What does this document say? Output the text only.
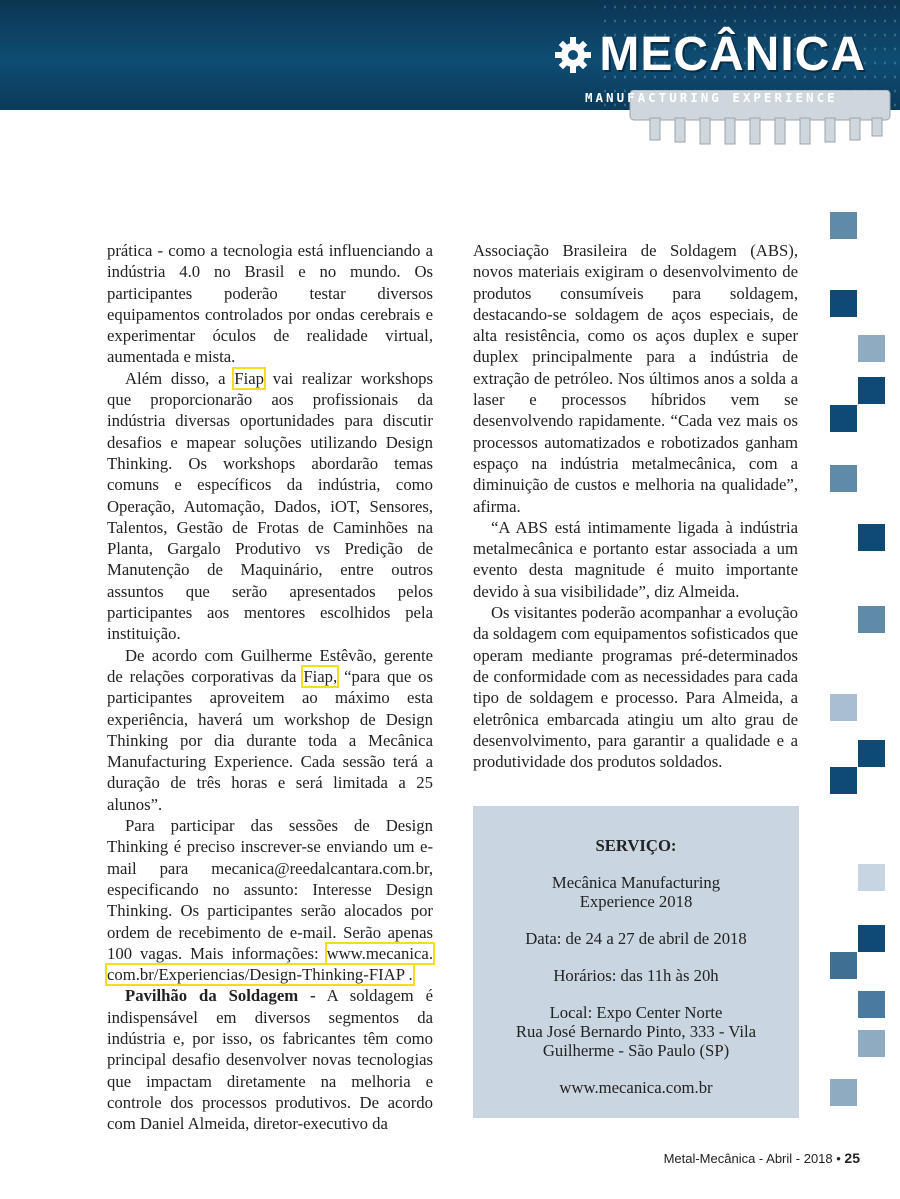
MECÂNICA
MANUFACTURING EXPERIENCE

prática - como a tecnologia está influenciando a indústria 4.0 no Brasil e no mundo. Os participantes poderão testar diversos equipamentos controlados por ondas cerebrais e experimentar óculos de realidade virtual, aumentada e mista.

Além disso, a Fiap vai realizar workshops que proporcionarão aos profissionais da indústria diversas oportunidades para discutir desafios e mapear soluções utilizando Design Thinking. Os workshops abordarão temas comuns e específicos da indústria, como Operação, Automação, Dados, iOT, Sensores, Talentos, Gestão de Frotas de Caminhões na Planta, Gargalo Produtivo vs Predição de Manutenção de Maquinário, entre outros assuntos que serão apresentados pelos participantes aos mentores escolhidos pela instituição.

De acordo com Guilherme Estêvão, gerente de relações corporativas da Fiap, “para que os participantes aproveitem ao máximo esta experiência, haverá um workshop de Design Thinking por dia durante toda a Mecânica Manufacturing Experience. Cada sessão terá a duração de três horas e será limitada a 25 alunos”.

Para participar das sessões de Design Thinking é preciso inscrever-se enviando um e-mail para mecanica@reedalcantara.com.br, especificando no assunto: Interesse Design Thinking. Os participantes serão alocados por ordem de recebimento de e-mail. Serão apenas 100 vagas. Mais informações: www.mecanica. com.br/Experiencias/Design-Thinking-FIAP .

Pavilhão da Soldagem - A soldagem é indispensável em diversos segmentos da indústria e, por isso, os fabricantes têm como principal desafio desenvolver novas tecnologias que impactam diretamente na melhoria e controle dos processos produtivos. De acordo com Daniel Almeida, diretor-executivo da

Associação Brasileira de Soldagem (ABS), novos materiais exigiram o desenvolvimento de produtos consumíveis para soldagem, destacando-se soldagem de aços especiais, de alta resistência, como os aços duplex e super duplex principalmente para a indústria de extração de petróleo. Nos últimos anos a solda a laser e processos híbridos vem se desenvolvendo rapidamente. “Cada vez mais os processos automatizados e robotizados ganham espaço na indústria metalmecânica, com a diminuição de custos e melhoria na qualidade”, afirma.

“A ABS está intimamente ligada à indústria metalmecânica e portanto estar associada a um evento desta magnitude é muito importante devido à sua visibilidade”, diz Almeida.

Os visitantes poderão acompanhar a evolução da soldagem com equipamentos sofisticados que operam mediante programas pré-determinados de conformidade com as necessidades para cada tipo de soldagem e processo. Para Almeida, a eletrônica embarcada atingiu um alto grau de desenvolvimento, para garantir a qualidade e a produtividade dos produtos soldados.

SERVIÇO:
Mecânica Manufacturing
Experience 2018
Data: de 24 a 27 de abril de 2018
Horários: das 11h às 20h
Local: Expo Center Norte
Rua José Bernardo Pinto, 333 - Vila
Guilherme - São Paulo (SP)
www.mecanica.com.br
Metal-Mecânica - Abril - 2018 • 25
